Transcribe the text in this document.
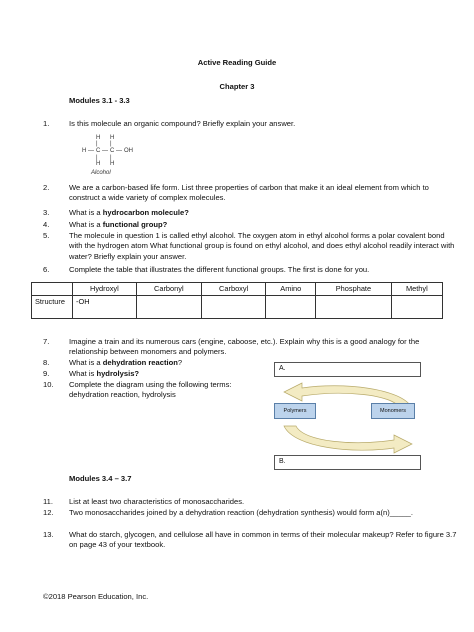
Active Reading Guide
Chapter 3
Modules 3.1 - 3.3
1.	Is this molecule an organic compound? Briefly explain your answer.
H H
| |
H — C — C — OH
| |
H H
Alcohol
2.	We are a carbon-based life form. List three properties of carbon that make it an ideal element from which to construct a wide variety of complex molecules.
3.	What is a hydrocarbon molecule?
4.	What is a functional group?
5.	The molecule in question 1 is called ethyl alcohol. The oxygen atom in ethyl alcohol forms a polar covalent bond with the hydrogen atom What functional group is found on ethyl alcohol, and does ethyl alcohol readily interact with water? Briefly explain your answer.
6.	Complete the table that illustrates the different functional groups. The first is done for you.
	Hydroxyl	Carbonyl	Carboxyl	Amino	Phosphate	Methyl
Structure	-OH					
7.	Imagine a train and its numerous cars (engine, caboose, etc.). Explain why this is a good analogy for the relationship between monomers and polymers.
8.	What is a dehydration reaction?
9.	What is hydrolysis?
10.	Complete the diagram using the following terms: dehydration reaction, hydrolysis
A.
Polymers	Monomers
B.
Modules 3.4 – 3.7
11.	List at least two characteristics of monosaccharides.
12.	Two monosaccharides joined by a dehydration reaction (dehydration synthesis) would form a(n)_____.
13.	What do starch, glycogen, and cellulose all have in common in terms of their molecular makeup? Refer to figure 3.7 on page 43 of your textbook.
©2018 Pearson Education, Inc.
